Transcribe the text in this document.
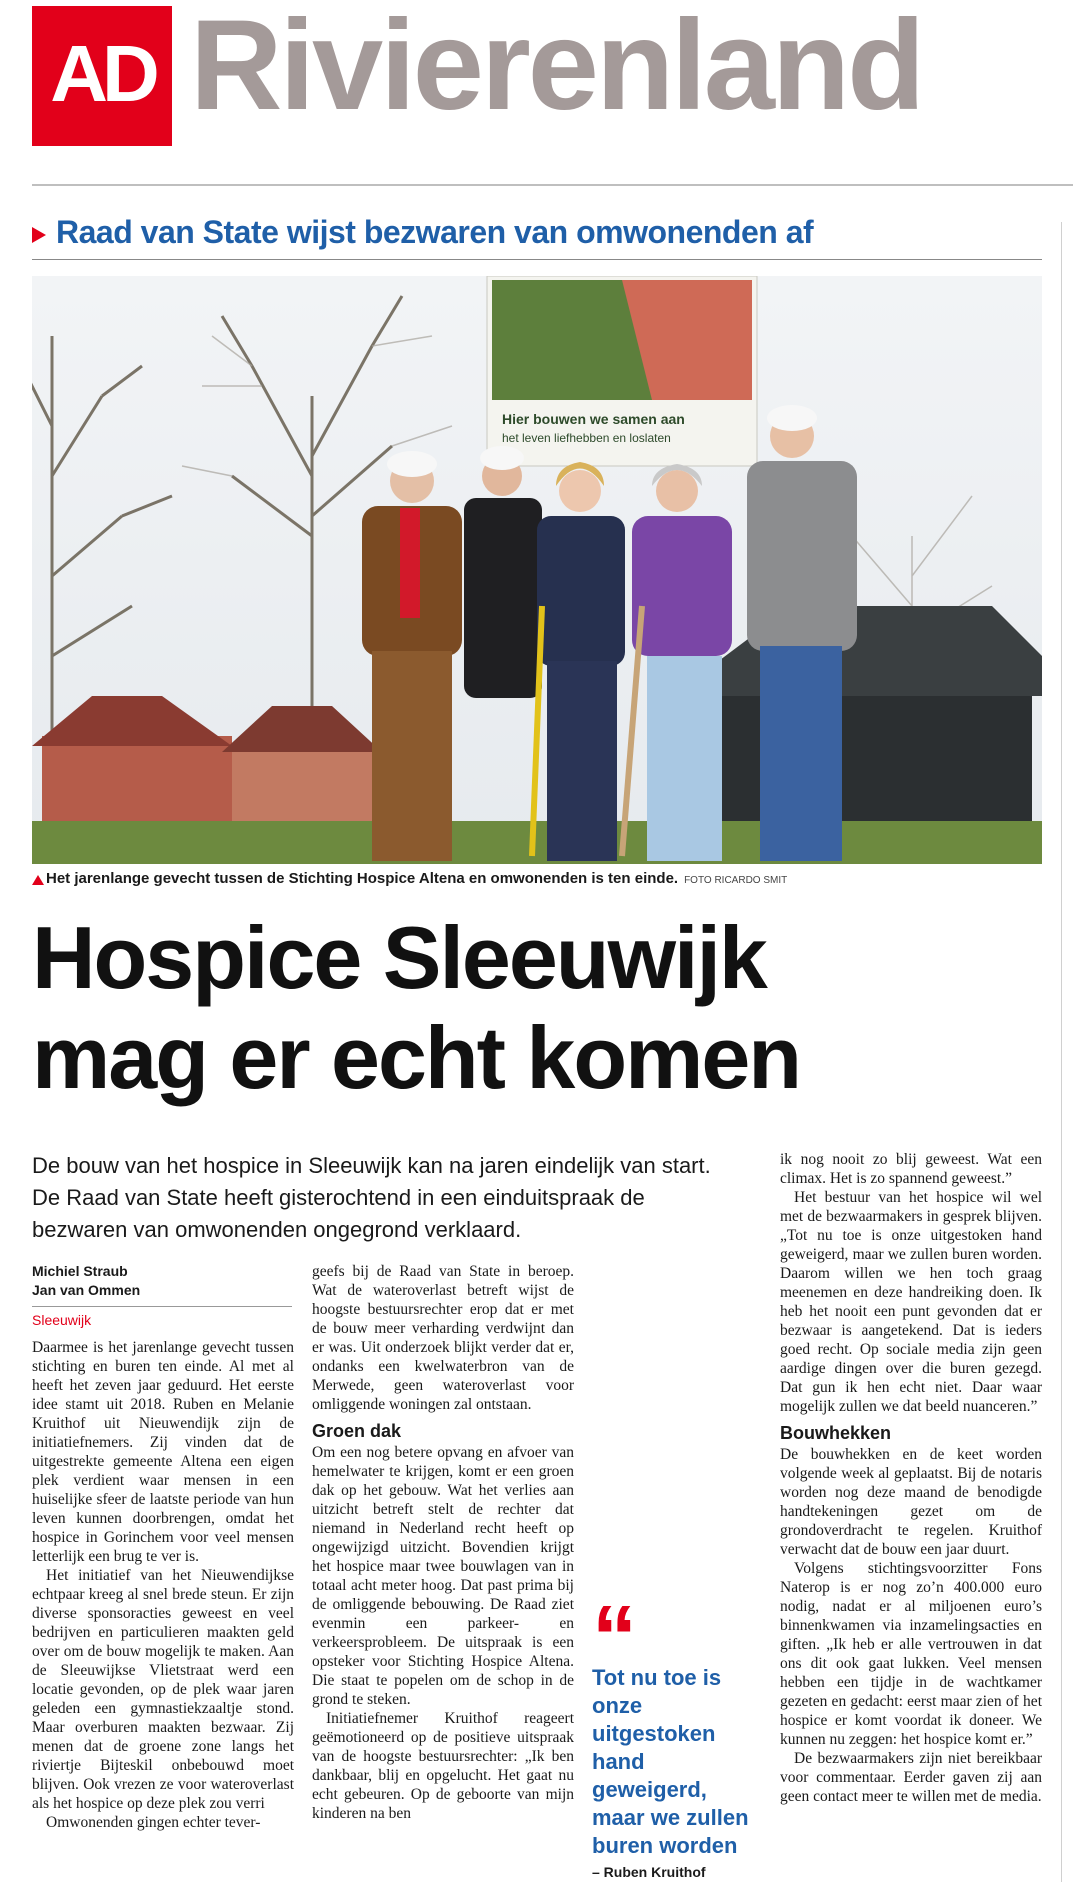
AD Rivierenland
Raad van State wijst bezwaren van omwonenden af
Hier bouwen we samen aan
het leven liefhebben en loslaten
Het jarenlange gevecht tussen de Stichting Hospice Altena en omwonenden is ten einde. FOTO RICARDO SMIT
Hospice Sleeuwijk
mag er echt komen
De bouw van het hospice in Sleeuwijk kan na jaren eindelijk van start.
De Raad van State heeft gisterochtend in een einduitspraak de
bezwaren van omwonenden ongegrond verklaard.
Michiel Straub
Jan van Ommen
Sleeuwijk

Daarmee is het jarenlange gevecht tussen stichting en buren ten einde. Al met al heeft het zeven jaar geduurd. Het eerste idee stamt uit 2018. Ruben en Melanie Kruithof uit Nieuwendijk zijn de initiatiefnemers. Zij vinden dat de uitgestrekte gemeente Altena een eigen plek verdient waar mensen in een huiselijke sfeer de laatste periode van hun leven kunnen doorbrengen, omdat het hospice in Gorinchem voor veel mensen letterlijk een brug te ver is.

Het initiatief van het Nieuwendijkse echtpaar kreeg al snel brede steun. Er zijn diverse sponsoracties geweest en veel bedrijven en particulieren maakten geld over om de bouw mogelijk te maken. Aan de Sleeuwijkse Vlietstraat werd een locatie gevonden, op de plek waar jaren geleden een gymnastiekzaaltje stond. Maar overburen maakten bezwaar. Zij menen dat de groene zone langs het riviertje Bijteskil onbebouwd moet blijven. Ook vrezen ze voor wateroverlast als het hospice op deze plek zou verri

Omwonenden gingen echter tever-

geefs bij de Raad van State in beroep. Wat de wateroverlast betreft wijst de hoogste bestuursrechter erop dat er met de bouw meer verharding verdwijnt dan er was. Uit onderzoek blijkt verder dat er, ondanks een kwelwaterbron van de Merwede, geen wateroverlast voor omliggende woningen zal ontstaan.

Groen dak

Om een nog betere opvang en afvoer van hemelwater te krijgen, komt er een groen dak op het gebouw. Wat het verlies aan uitzicht betreft stelt de rechter dat niemand in Nederland recht heeft op ongewijzigd uitzicht. Bovendien krijgt het hospice maar twee bouwlagen van in totaal acht meter hoog. Dat past prima bij de omliggende bebouwing. De Raad ziet evenmin een parkeer- en verkeersprobleem. De uitspraak is een opsteker voor Stichting Hospice Altena. Die staat te popelen om de schop in de grond te steken.

Initiatiefnemer Kruithof reageert geëmotioneerd op de positieve uitspraak van de hoogste bestuursrechter: „Ik ben dankbaar, blij en opgelucht. Het gaat nu echt gebeuren. Op de geboorte van mijn kinderen na ben

“
Tot nu toe is onze uitgestoken hand geweigerd, maar we zullen buren worden
– Ruben Kruithof

ik nog nooit zo blij geweest. Wat een climax. Het is zo spannend geweest.”

Het bestuur van het hospice wil wel met de bezwaarmakers in gesprek blijven. „Tot nu toe is onze uitgestoken hand geweigerd, maar we zullen buren worden. Daarom willen we hen toch graag meenemen en deze handreiking doen. Ik heb het nooit een punt gevonden dat er bezwaar is aangetekend. Dat is ieders goed recht. Op sociale media zijn geen aardige dingen over die buren gezegd. Dat gun ik hen echt niet. Daar waar mogelijk zullen we dat beeld nuanceren.”

Bouwhekken

De bouwhekken en de keet worden volgende week al geplaatst. Bij de notaris worden nog deze maand de benodigde handtekeningen gezet om de grondoverdracht te regelen. Kruithof verwacht dat de bouw een jaar duurt.

Volgens stichtingsvoorzitter Fons Naterop is er nog zo’n 400.000 euro nodig, nadat er al miljoenen euro’s binnenkwamen via inzamelingsacties en giften. „Ik heb er alle vertrouwen in dat ons dit ook gaat lukken. Veel mensen hebben een tijdje in de wachtkamer gezeten en gedacht: eerst maar zien of het hospice er komt voordat ik doneer. We kunnen nu zeggen: het hospice komt er.”

De bezwaarmakers zijn niet bereikbaar voor commentaar. Eerder gaven zij aan geen contact meer te willen met de media.
